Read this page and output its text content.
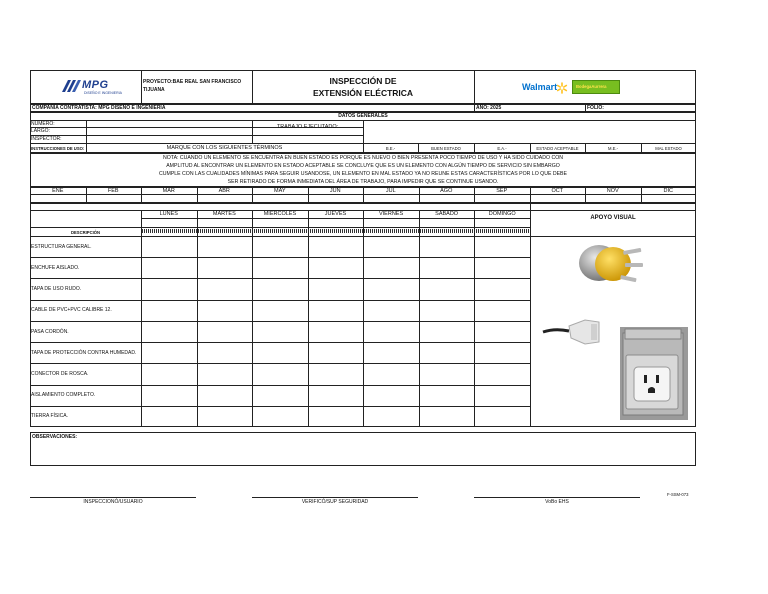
MPG
DISEÑO E INGENIERIA
PROYECTO:BAE REAL SAN FRANCISCO
TIJUANA
INSPECCIÓN DE
EXTENSIÓN ELÉCTRICA
Walmart	BodegaAurrera
COMPAÑÍA CONTRATISTA: MPG DISEÑO E INGENIERIA	AÑO: 2025	FOLIO:
DATOS GENERALES
NUMERO:
LARGO:
INSPECTOR:
TRABAJO EJECUTADO:
INSTRUCCIONES DE USO:	MARQUE CON LOS SIGUIENTES TÉRMINOS	B.E.-	BUEN ESTADO	E.A.-	ESTADO ACEPTABLE	M.E.-	MAL ESTADO
NOTA: CUANDO UN ELEMENTO SE ENCUENTRA EN BUEN ESTADO ES PORQUE ES NUEVO O BIEN PRESENTA POCO TIEMPO DE USO Y HA SIDO CUIDADO CON AMPLITUD AL ENCONTRAR UN ELEMENTO EN ESTADO ACEPTABLE SE CONCLUYE QUE ES UN ELEMENTO CON ALGÚN TIEMPO DE SERVICIO SIN EMBARGO CUMPLE CON LAS CUALIDADES MÍNIMAS PARA SEGUIR USANDOSE, UN ELEMENTO EN MAL ESTADO YA NO REUNE ESTAS CARACTERÍSTICAS POR LO QUE DEBE SER RETIRADO DE FORMA INMEDIATA DEL ÁREA DE TRABAJO, PARA IMPEDIR QUE SE CONTINUE USANDO.
ENE	FEB	MAR	ABR	MAY	JUN	JUL	AGO	SEP	OCT	NOV	DIC
APOYO VISUAL
DESCRIPCIÓN
LUNES	MARTES	MIÉRCOLES	JUEVES	VIERNES	SÁBADO	DOMINGO
ESTRUCTURA GENERAL.
ENCHUFE AISLADO.
TAPA DE USO RUDO.
CABLE DE PVC+PVC CALIBRE 12.
PASA CORDÓN.
TAPA DE PROTECCIÓN CONTRA HUMEDAD.
CONECTOR DE ROSCA.
AISLAMIENTO COMPLETO.
TIERRA FÍSICA.
OBSERVACIONES:
F-SSM-073
INSPECCIONÓ/USUARIO	VERIFICÓ/SUP SEGURIDAD	VoBo EHS
